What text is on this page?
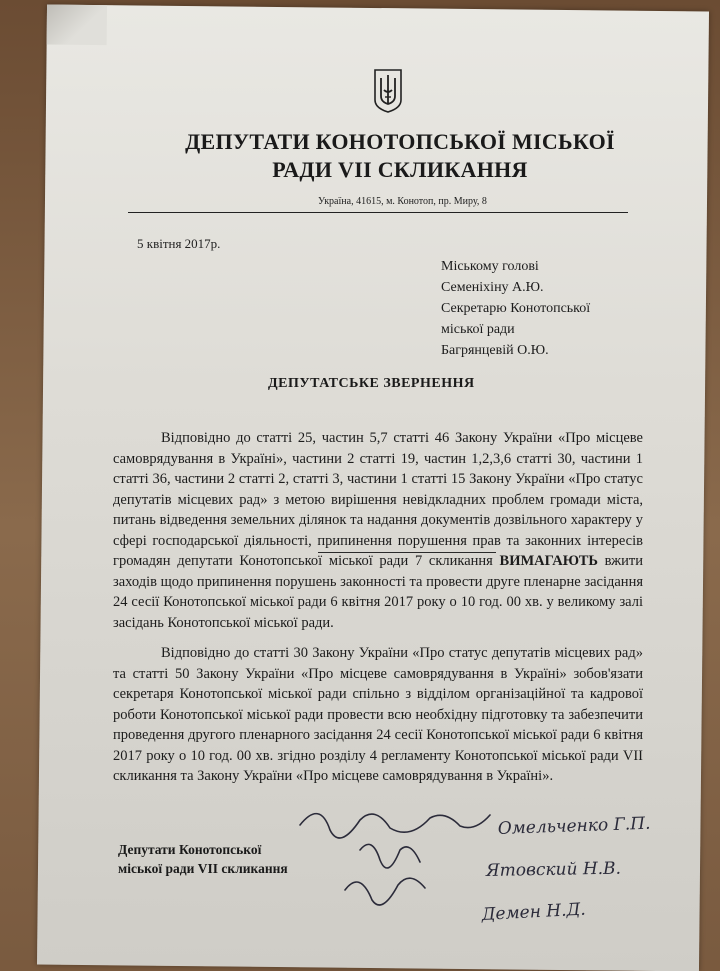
ДЕПУТАТИ КОНОТОПСЬКОЇ МІСЬКОЇ
РАДИ VII СКЛИКАННЯ
Україна, 41615, м. Конотоп, пр. Миру, 8
5 квітня 2017р.
Міському голові
Семеніхіну А.Ю.
Секретарю Конотопської
міської ради
Багрянцевій О.Ю.
ДЕПУТАТСЬКЕ ЗВЕРНЕННЯ

Відповідно до статті 25, частин 5,7 статті 46 Закону України «Про місцеве самоврядування в Україні», частини 2 статті 19, частин 1,2,3,6 статті 30, частини 1 статті 36, частини 2 статті 2, статті 3, частини 1 статті 15 Закону України «Про статус депутатів місцевих рад» з метою вирішення невідкладних проблем громади міста, питань відведення земельних ділянок та надання документів дозвільного характеру у сфері господарської діяльності, припинення порушення прав та законних інтересів громадян депутати Конотопської міської ради 7 скликання ВИМАГАЮТЬ вжити заходів щодо припинення порушень законності та провести друге пленарне засідання 24 сесії Конотопської міської ради 6 квітня 2017 року о 10 год. 00 хв. у великому залі засідань Конотопської міської ради.

Відповідно до статті 30 Закону України «Про статус депутатів місцевих рад» та статті 50 Закону України «Про місцеве самоврядування в Україні» зобов'язати секретаря Конотопської міської ради спільно з відділом організаційної та кадрової роботи Конотопської міської ради провести всю необхідну підготовку та забезпечити проведення другого пленарного засідання 24 сесії Конотопської міської ради 6 квітня 2017 року о 10 год. 00 хв. згідно розділу 4 регламенту Конотопської міської ради VII скликання та Закону України «Про місцеве самоврядування в Україні».

Депутати Конотопської
міської ради VII скликання
Омельченко Г.П.
Ятовский Н.В.
Демен Н.Д.
